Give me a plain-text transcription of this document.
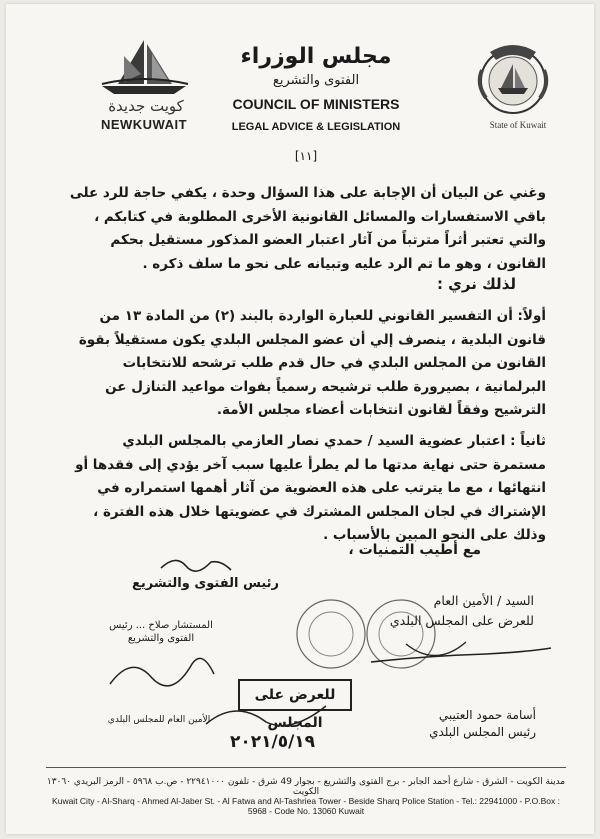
كويت جديدة
NEWKUWAIT	State of Kuwait
مجلس الوزراء
الفتوى والتشريع
COUNCIL OF MINISTERS
LEGAL ADVICE & LEGISLATION
[١١]
وغني عن البيان أن الإجابة على هذا السؤال وحدة ، يكفي حاجة للرد على باقي الاستفسارات والمسائل القانونية الأخرى المطلوبة في كتابكم ، والتي تعتبر أثراً مترتباً من آثار اعتبار العضو المذكور مستقيل بحكم القانون ، وهو ما تم الرد عليه وتبيانه على نحو ما سلف ذكره .
لذلك نري :
أولاً: أن التفسير القانوني للعبارة الواردة بالبند (٢) من المادة ١٣ من قانون البلدية ، ينصرف إلي أن عضو المجلس البلدي يكون مستقيلاً بقوة القانون من المجلس البلدي في حال قدم طلب ترشحه للانتخابات البرلمانية ، بصيرورة طلب ترشيحه رسمياً بفوات مواعيد التنازل عن الترشيح وفقاً لقانون انتخابات أعضاء مجلس الأمة.
ثانياً : اعتبار عضوية السيد / حمدي نصار العازمي بالمجلس البلدي مستمرة حتى نهاية مدتها ما لم يطرأ عليها سبب آخر يؤدي إلى فقدها أو انتهائها ، مع ما يترتب على هذه العضوية من آثار أهمها استمراره في الإشتراك في لجان المجلس المشترك في عضويتها خلال هذه الفترة ، وذلك على النحو المبين بالأسباب .
مع أطيب التمنيات ،
رئيس الفتوى والتشريع
المستشار صلاح ... رئيس الفتوى والتشريع
الأمين العام للمجلس البلدي
للعرض على المجلس
٢٠٢١/٥/١٩
السيد / الأمين العام
للعرض على المجلس البلدي
أسامة حمود العتيبي
رئيس المجلس البلدي
مدينة الكويت - الشرق - شارع أحمد الجابر - برج الفتوى والتشريع - بجوار 49 شرق - تلفون ٢٢٩٤١٠٠٠ - ص.ب ٥٩٦٨ - الرمز البريدي ١٣٠٦٠ الكويت
Kuwait City - Al-Sharq - Ahmed Al-Jaber St. - Al Fatwa and Al-Tashriea Tower - Beside Sharq Police Station - Tel.: 22941000 - P.O.Box : 5968 - Code No. 13060 Kuwait
